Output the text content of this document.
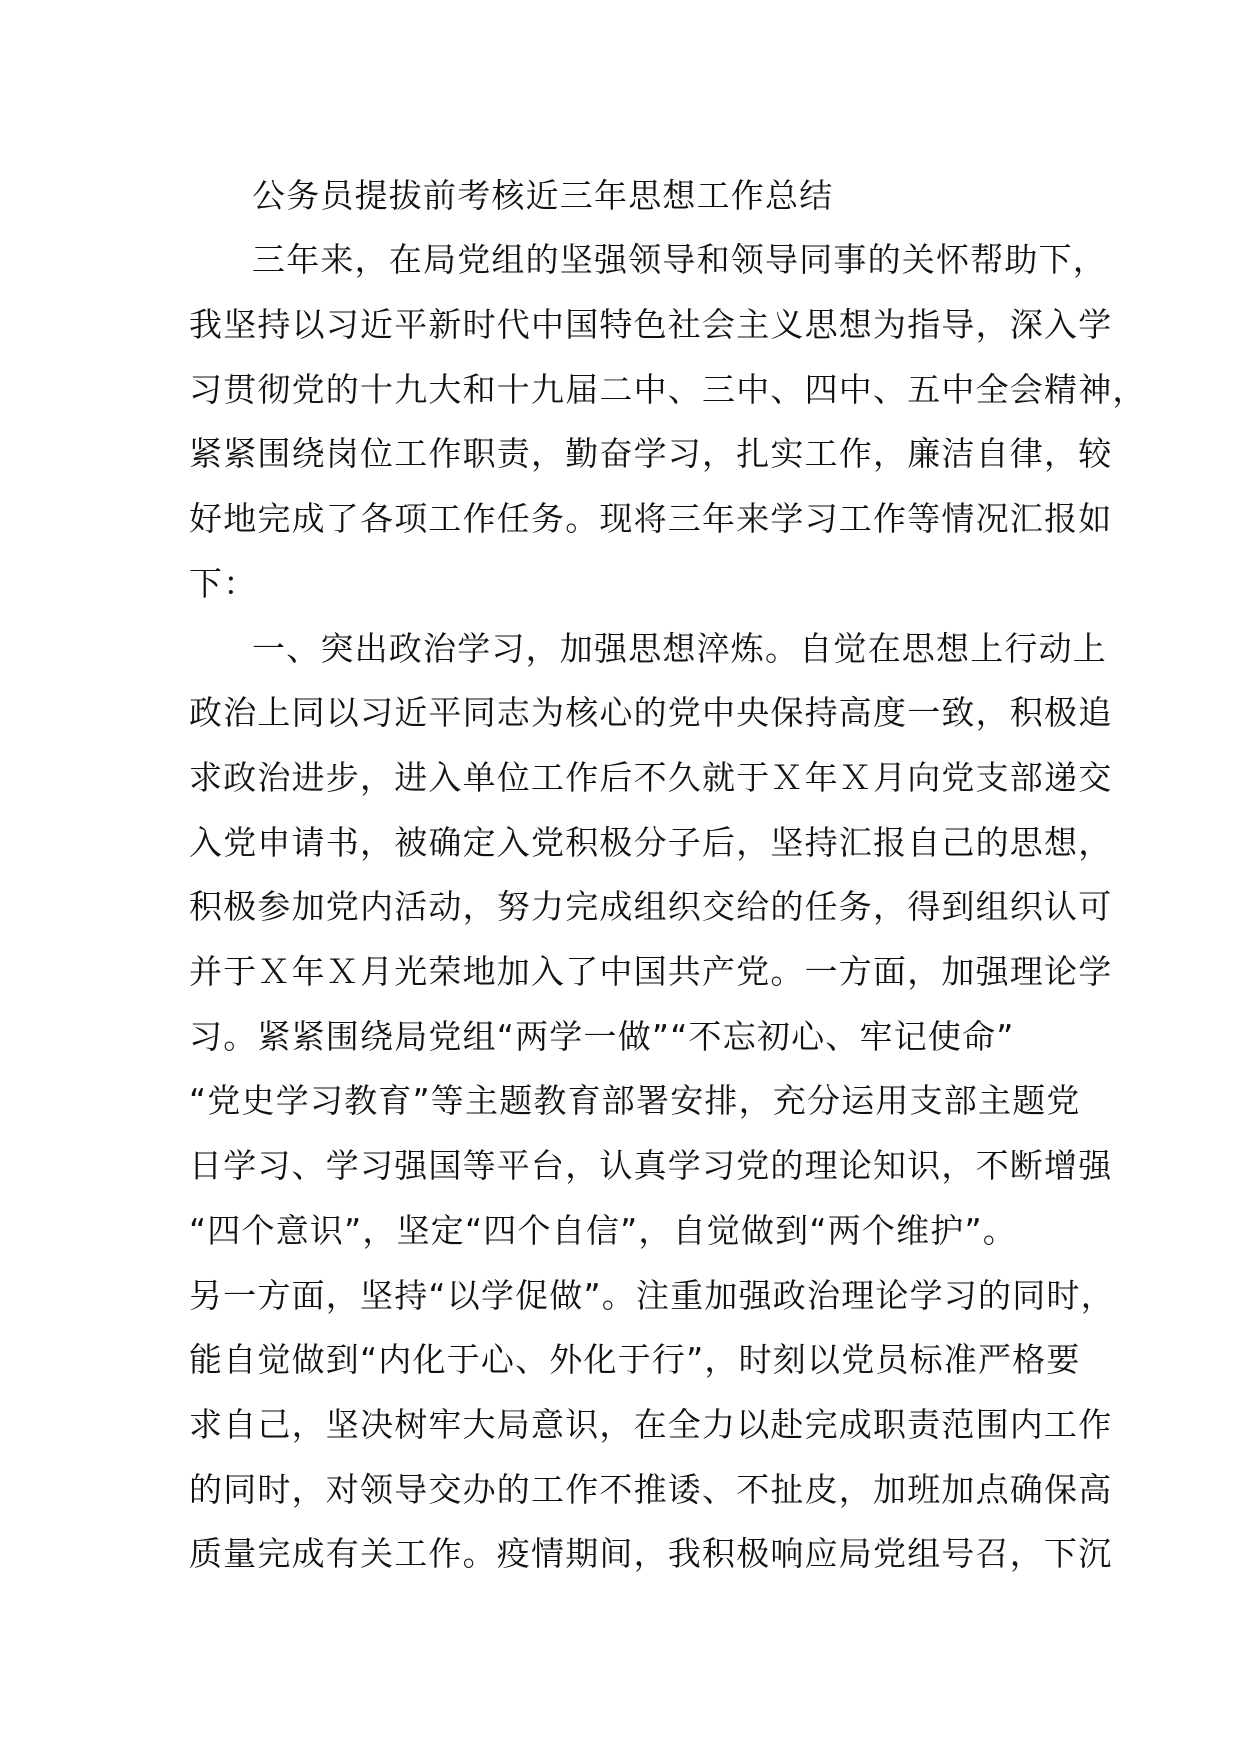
公务员提拔前考核近三年思想工作总结
三年来，在局党组的坚强领导和领导同事的关怀帮助下，
我坚持以习近平新时代中国特色社会主义思想为指导，深入学
习贯彻党的十九大和十九届二中、三中、四中、五中全会精神，
紧紧围绕岗位工作职责，勤奋学习，扎实工作，廉洁自律，较
好地完成了各项工作任务。现将三年来学习工作等情况汇报如
下：
一、突出政治学习，加强思想淬炼。自觉在思想上行动上
政治上同以习近平同志为核心的党中央保持高度一致，积极追
求政治进步，进入单位工作后不久就于Ｘ年Ｘ月向党支部递交
入党申请书，被确定入党积极分子后，坚持汇报自己的思想，
积极参加党内活动，努力完成组织交给的任务，得到组织认可
并于Ｘ年Ｘ月光荣地加入了中国共产党。一方面，加强理论学
习。紧紧围绕局党组“两学一做”“不忘初心、牢记使命”
“党史学习教育”等主题教育部署安排，充分运用支部主题党
日学习、学习强国等平台，认真学习党的理论知识，不断增强
“四个意识”，坚定“四个自信”，自觉做到“两个维护”。
另一方面，坚持“以学促做”。注重加强政治理论学习的同时，
能自觉做到“内化于心、外化于行”，时刻以党员标准严格要
求自己，坚决树牢大局意识，在全力以赴完成职责范围内工作
的同时，对领导交办的工作不推诿、不扯皮，加班加点确保高
质量完成有关工作。疫情期间，我积极响应局党组号召，下沉
